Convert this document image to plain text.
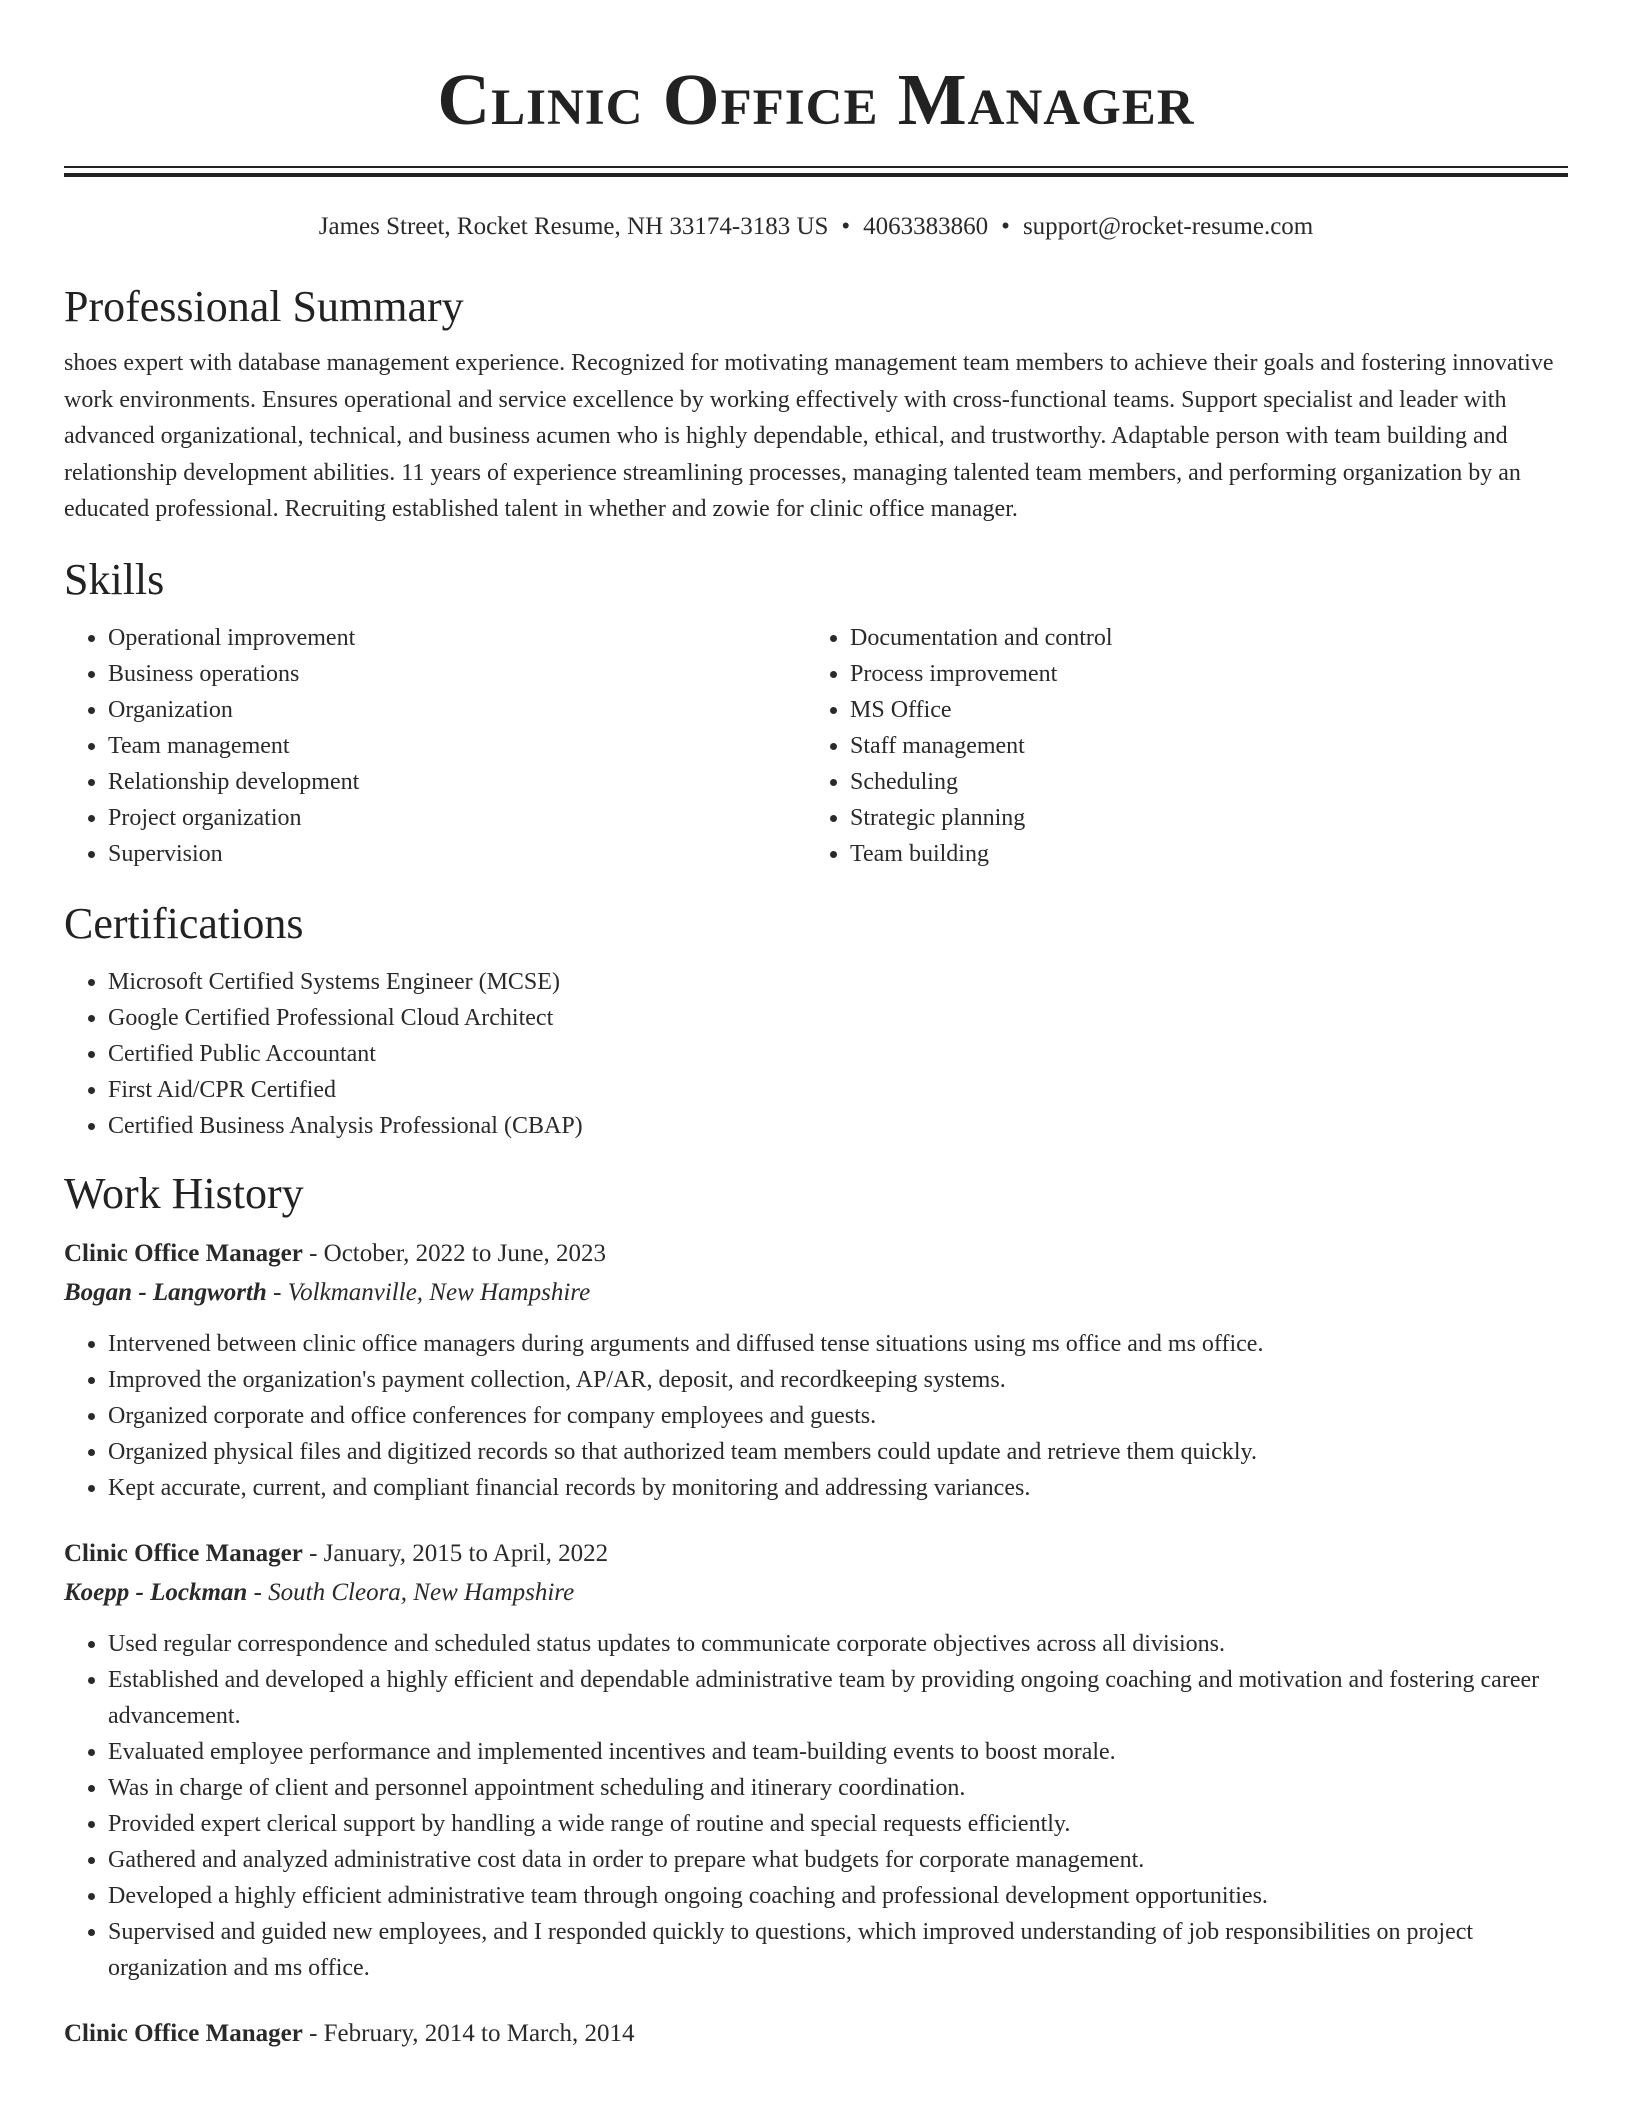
Clinic Office Manager
James Street, Rocket Resume, NH 33174-3183 US • 4063383860 • support@rocket-resume.com
Professional Summary

shoes expert with database management experience. Recognized for motivating management team members to achieve their goals and fostering innovative work environments. Ensures operational and service excellence by working effectively with cross-functional teams. Support specialist and leader with advanced organizational, technical, and business acumen who is highly dependable, ethical, and trustworthy. Adaptable person with team building and relationship development abilities. 11 years of experience streamlining processes, managing talented team members, and performing organization by an educated professional. Recruiting established talent in whether and zowie for clinic office manager.

Skills
• Operational improvement
• Business operations
• Organization
• Team management
• Relationship development
• Project organization
• Supervision
• Documentation and control
• Process improvement
• MS Office
• Staff management
• Scheduling
• Strategic planning
• Team building
Certifications
• Microsoft Certified Systems Engineer (MCSE)
• Google Certified Professional Cloud Architect
• Certified Public Accountant
• First Aid/CPR Certified
• Certified Business Analysis Professional (CBAP)
Work History
Clinic Office Manager - October, 2022 to June, 2023
Bogan - Langworth - Volkmanville, New Hampshire
• Intervened between clinic office managers during arguments and diffused tense situations using ms office and ms office.
• Improved the organization's payment collection, AP/AR, deposit, and recordkeeping systems.
• Organized corporate and office conferences for company employees and guests.
• Organized physical files and digitized records so that authorized team members could update and retrieve them quickly.
• Kept accurate, current, and compliant financial records by monitoring and addressing variances.
Clinic Office Manager - January, 2015 to April, 2022
Koepp - Lockman - South Cleora, New Hampshire
• Used regular correspondence and scheduled status updates to communicate corporate objectives across all divisions.
• Established and developed a highly efficient and dependable administrative team by providing ongoing coaching and motivation and fostering career advancement.
• Evaluated employee performance and implemented incentives and team-building events to boost morale.
• Was in charge of client and personnel appointment scheduling and itinerary coordination.
• Provided expert clerical support by handling a wide range of routine and special requests efficiently.
• Gathered and analyzed administrative cost data in order to prepare what budgets for corporate management.
• Developed a highly efficient administrative team through ongoing coaching and professional development opportunities.
• Supervised and guided new employees, and I responded quickly to questions, which improved understanding of job responsibilities on project organization and ms office.
Clinic Office Manager - February, 2014 to March, 2014
